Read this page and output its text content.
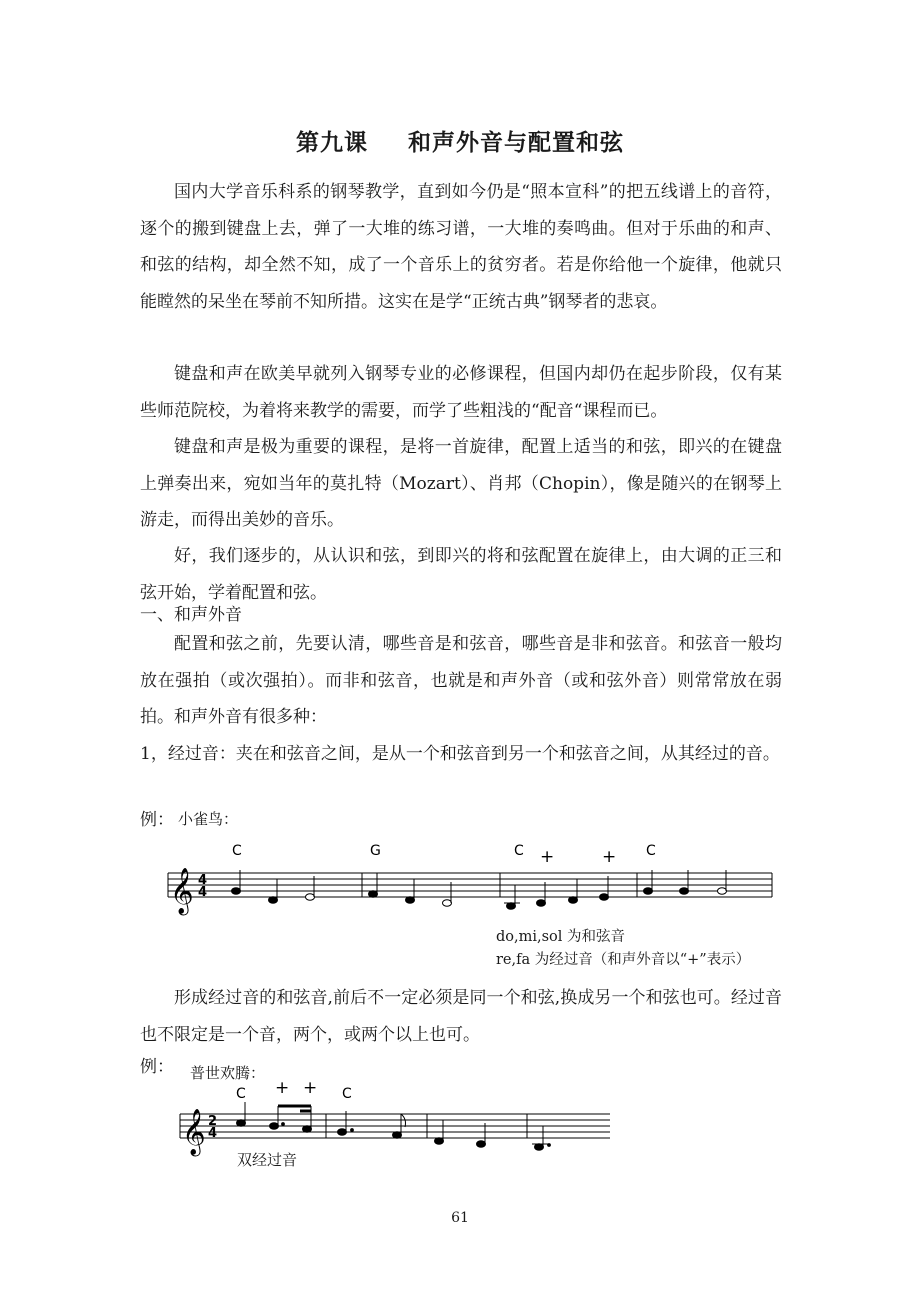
第九课 和声外音与配置和弦

国内大学音乐科系的钢琴教学，直到如今仍是“照本宣科”的把五线谱上的音符，逐个的搬到键盘上去，弹了一大堆的练习谱，一大堆的奏鸣曲。但对于乐曲的和声、和弦的结构，却全然不知，成了一个音乐上的贫穷者。若是你给他一个旋律，他就只能瞠然的呆坐在琴前不知所措。这实在是学“正统古典”钢琴者的悲哀。

键盘和声在欧美早就列入钢琴专业的必修课程，但国内却仍在起步阶段，仅有某些师范院校，为着将来教学的需要，而学了些粗浅的“配音“课程而已。

键盘和声是极为重要的课程，是将一首旋律，配置上适当的和弦，即兴的在键盘上弹奏出来，宛如当年的莫扎特（Mozart）、肖邦（Chopin），像是随兴的在钢琴上游走，而得出美妙的音乐。

好，我们逐步的，从认识和弦，到即兴的将和弦配置在旋律上，由大调的正三和弦开始，学着配置和弦。

一、和声外音

配置和弦之前，先要认清，哪些音是和弦音，哪些音是非和弦音。和弦音一般均放在强拍（或次强拍）。而非和弦音，也就是和声外音（或和弦外音）则常常放在弱拍。和声外音有很多种：

1，经过音：夹在和弦音之间，是从一个和弦音到另一个和弦音之间，从其经过的音。

例： 小雀鸟：
𝄞 4
4
C	G	C	C
+	+
do,mi,sol 为和弦音
re,fa 为经过音（和声外音以“+”表示）

形成经过音的和弦音,前后不一定必须是同一个和弦,换成另一个和弦也可。经过音也不限定是一个音，两个，或两个以上也可。

例： 普世欢腾：
𝄞 2
4
C	C
+ +
双经过音
61
